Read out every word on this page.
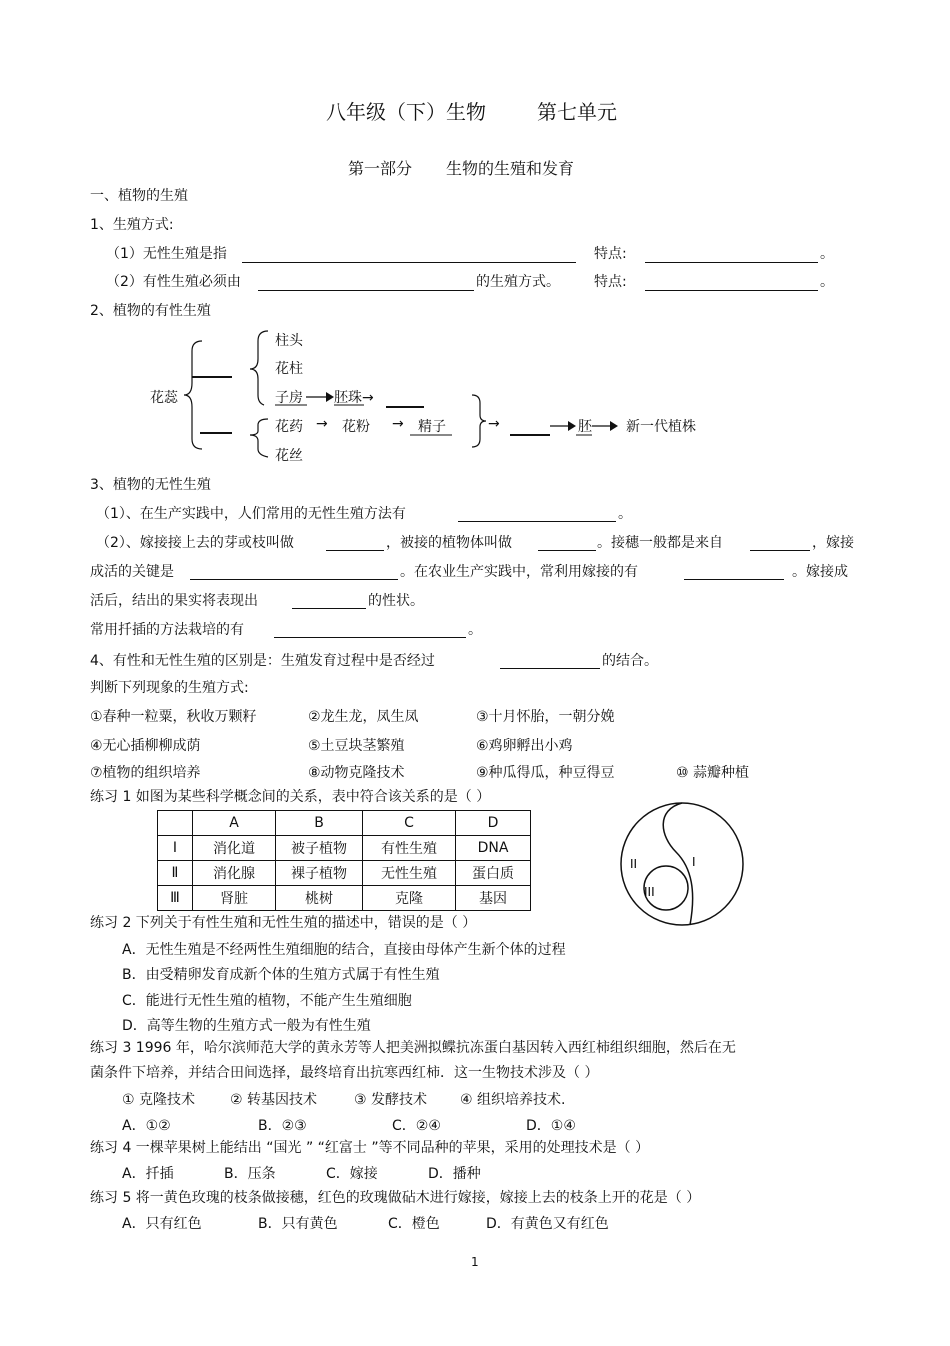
八年级（下）生物	第七单元
第一部分 生物的生殖和发育
一、植物的生殖
1、生殖方式:
（1）无性生殖是指	特点:	。
（2）有性生殖必须由	的生殖方式。 特点:	。
2、植物的有性生殖
花蕊
柱头
花柱
子房 胚珠→
花药 → 花粉 → 精子	→	胚 新一代植株
花丝
3、植物的无性生殖
（1）、在生产实践中，人们常用的无性生殖方法有	。
（2）、嫁接接上去的芽或枝叫做	，被接的植物体叫做	。接穗一般都是来自	，嫁接
成活的关键是	。在农业生产实践中，常利用嫁接的有	。嫁接成
活后，结出的果实将表现出	的性状。
常用扦插的方法栽培的有	。
4、有性和无性生殖的区别是：生殖发育过程中是否经过	的结合。
判断下列现象的生殖方式:
①春种一粒粟，秋收万颗籽	②龙生龙，凤生凤	③十月怀胎，一朝分娩
④无心插柳柳成荫	⑤土豆块茎繁殖	⑥鸡卵孵出小鸡
⑦植物的组织培养	⑧动物克隆技术	⑨种瓜得瓜，种豆得豆	⑩ 蒜瓣种植
练习 1 如图为某些科学概念间的关系，表中符合该关系的是（ ）
	A	B	C	D
Ⅰ	消化道	被子植物	有性生殖	DNA
Ⅱ	消化腺	裸子植物	无性生殖	蛋白质
Ⅲ	肾脏	桃树	克隆	基因
II	I
III
练习 2 下列关于有性生殖和无性生殖的描述中，错误的是（ ）
A．无性生殖是不经两性生殖细胞的结合，直接由母体产生新个体的过程
B．由受精卵发育成新个体的生殖方式属于有性生殖
C．能进行无性生殖的植物，不能产生生殖细胞
D．高等生物的生殖方式一般为有性生殖
练习 3 1996 年，哈尔滨师范大学的黄永芳等人把美洲拟鲽抗冻蛋白基因转入西红柿组织细胞，然后在无
菌条件下培养，并结合田间选择，最终培育出抗寒西红柿．这一生物技术涉及（ ）
① 克隆技术 ② 转基因技术	③ 发酵技术 ④ 组织培养技术.
A．①②	B．②③	C．②④	D．①④
练习 4 一棵苹果树上能结出 “国光 ” “红富士 ”等不同品种的苹果，采用的处理技术是（ ）
A．扦插	B．压条	C．嫁接	D．播种
练习 5 将一黄色玫瑰的枝条做接穗，红色的玫瑰做砧木进行嫁接，嫁接上去的枝条上开的花是（ ）
A．只有红色	B．只有黄色	C．橙色	D．有黄色又有红色
1
